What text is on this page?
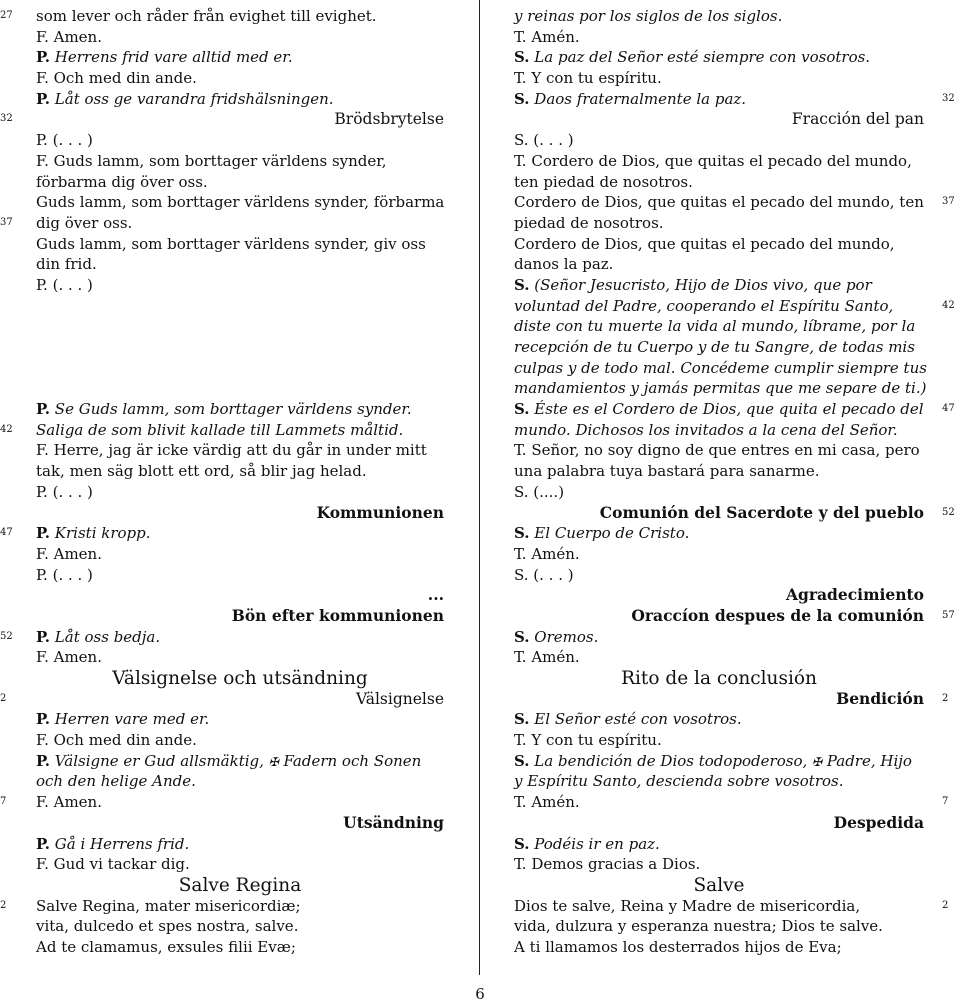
27	som lever och råder från evighet till evighet.
F. Amen.
P. Herrens frid vare alltid med er.
F. Och med din ande.
P. Låt oss ge varandra fridshälsningen.
32	Brödsbrytelse
P. (. . . )
F. Guds lamm, som borttager världens synder,
förbarma dig över oss.
Guds lamm, som borttager världens synder, förbarma
37	dig över oss.
Guds lamm, som borttager världens synder, giv oss
din frid.
P. (. . . )
P. Se Guds lamm, som borttager världens synder.
42	Saliga de som blivit kallade till Lammets måltid.
F. Herre, jag är icke värdig att du går in under mitt
tak, men säg blott ett ord, så blir jag helad.
P. (. . . )
Kommunionen
47	P. Kristi kropp.
F. Amen.
P. (. . . )
...
Bön efter kommunionen
52	P. Låt oss bedja.
F. Amen.
Välsignelse och utsändning
2	Välsignelse
P. Herren vare med er.
F. Och med din ande.
P. Välsigne er Gud allsmäktig, ✠ Fadern och Sonen
och den helige Ande.
7	F. Amen.
Utsändning
P. Gå i Herrens frid.
F. Gud vi tackar dig.
Salve Regina
2	Salve Regina, mater misericordiæ;
vita, dulcedo et spes nostra, salve.
Ad te clamamus, exsules filii Evæ;
y reinas por los siglos de los siglos.
T. Amén.
S. La paz del Señor esté siempre con vosotros.
T. Y con tu espíritu.
S. Daos fraternalmente la paz.	32
Fracción del pan
S. (. . . )
T. Cordero de Dios, que quitas el pecado del mundo,
ten piedad de nosotros.
Cordero de Dios, que quitas el pecado del mundo, ten 37
piedad de nosotros.
Cordero de Dios, que quitas el pecado del mundo,
danos la paz.
S. (Señor Jesucristo, Hijo de Dios vivo, que por
voluntad del Padre, cooperando el Espíritu Santo,	42
diste con tu muerte la vida al mundo, líbrame, por la
recepción de tu Cuerpo y de tu Sangre, de todas mis
culpas y de todo mal. Concédeme cumplir siempre tus
mandamientos y jamás permitas que me separe de ti.)
S. Éste es el Cordero de Dios, que quita el pecado del 47
mundo. Dichosos los invitados a la cena del Señor.
T. Señor, no soy digno de que entres en mi casa, pero
una palabra tuya bastará para sanarme.
S. (....)
Comunión del Sacerdote y del pueblo 52
S. El Cuerpo de Cristo.
T. Amén.
S. (. . . )
Agradecimiento
Oraccíon despues de la comunión 57
S. Oremos.
T. Amén.
Rito de la conclusión
Bendición 2
S. El Señor esté con vosotros.
T. Y con tu espíritu.
S. La bendición de Dios todopoderoso, ✠ Padre, Hijo
y Espíritu Santo, descienda sobre vosotros.
T. Amén.	7
Despedida
S. Podéis ir en paz.
T. Demos gracias a Dios.
Salve
Dios te salve, Reina y Madre de misericordia,	2
vida, dulzura y esperanza nuestra; Dios te salve.
A ti llamamos los desterrados hijos de Eva;
6
